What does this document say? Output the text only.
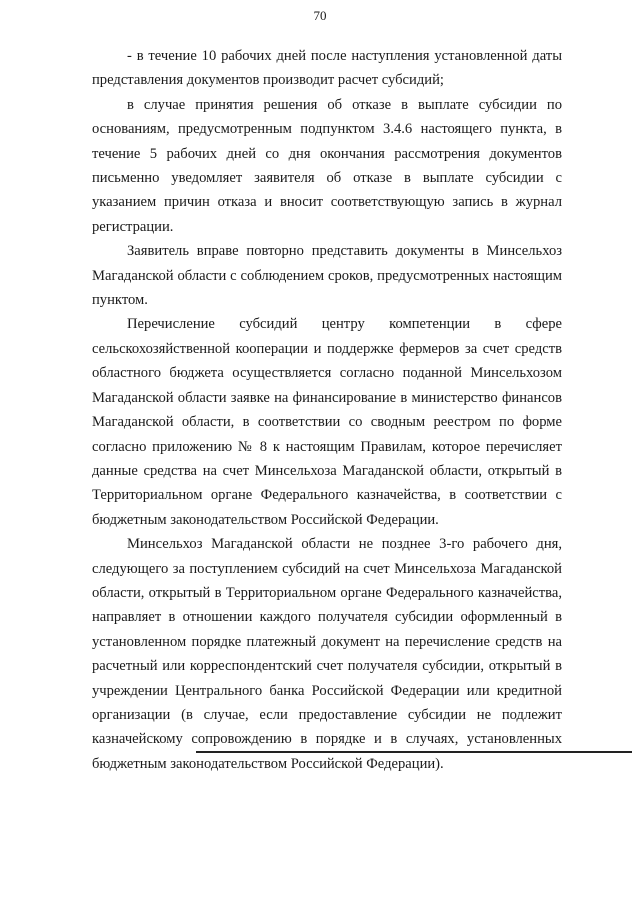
70

- в течение 10 рабочих дней после наступления установленной даты представления документов производит расчет субсидий;

в случае принятия решения об отказе в выплате субсидии по основаниям, предусмотренным подпунктом 3.4.6 настоящего пункта, в течение 5 рабочих дней со дня окончания рассмотрения документов письменно уведомляет заявителя об отказе в выплате субсидии с указанием причин отказа и вносит соответствующую запись в журнал регистрации.

Заявитель вправе повторно представить документы в Минсельхоз Магаданской области с соблюдением сроков, предусмотренных настоящим пунктом.

Перечисление субсидий центру компетенции в сфере сельскохозяйственной кооперации и поддержке фермеров за счет средств областного бюджета осуществляется согласно поданной Минсельхозом Магаданской области заявке на финансирование в министерство финансов Магаданской области, в соответствии со сводным реестром по форме согласно приложению № 8 к настоящим Правилам, которое перечисляет данные средства на счет Минсельхоза Магаданской области, открытый в Территориальном органе Федерального казначейства, в соответствии с бюджетным законодательством Российской Федерации.

Минсельхоз Магаданской области не позднее 3-го рабочего дня, следующего за поступлением субсидий на счет Минсельхоза Магаданской области, открытый в Территориальном органе Федерального казначейства, направляет в отношении каждого получателя субсидии оформленный в установленном порядке платежный документ на перечисление средств на расчетный или корреспондентский счет получателя субсидии, открытый в учреждении Центрального банка Российской Федерации или кредитной организации (в случае, если предоставление субсидии не подлежит казначейскому сопровождению в порядке и в случаях, установленных бюджетным законодательством Российской Федерации).
